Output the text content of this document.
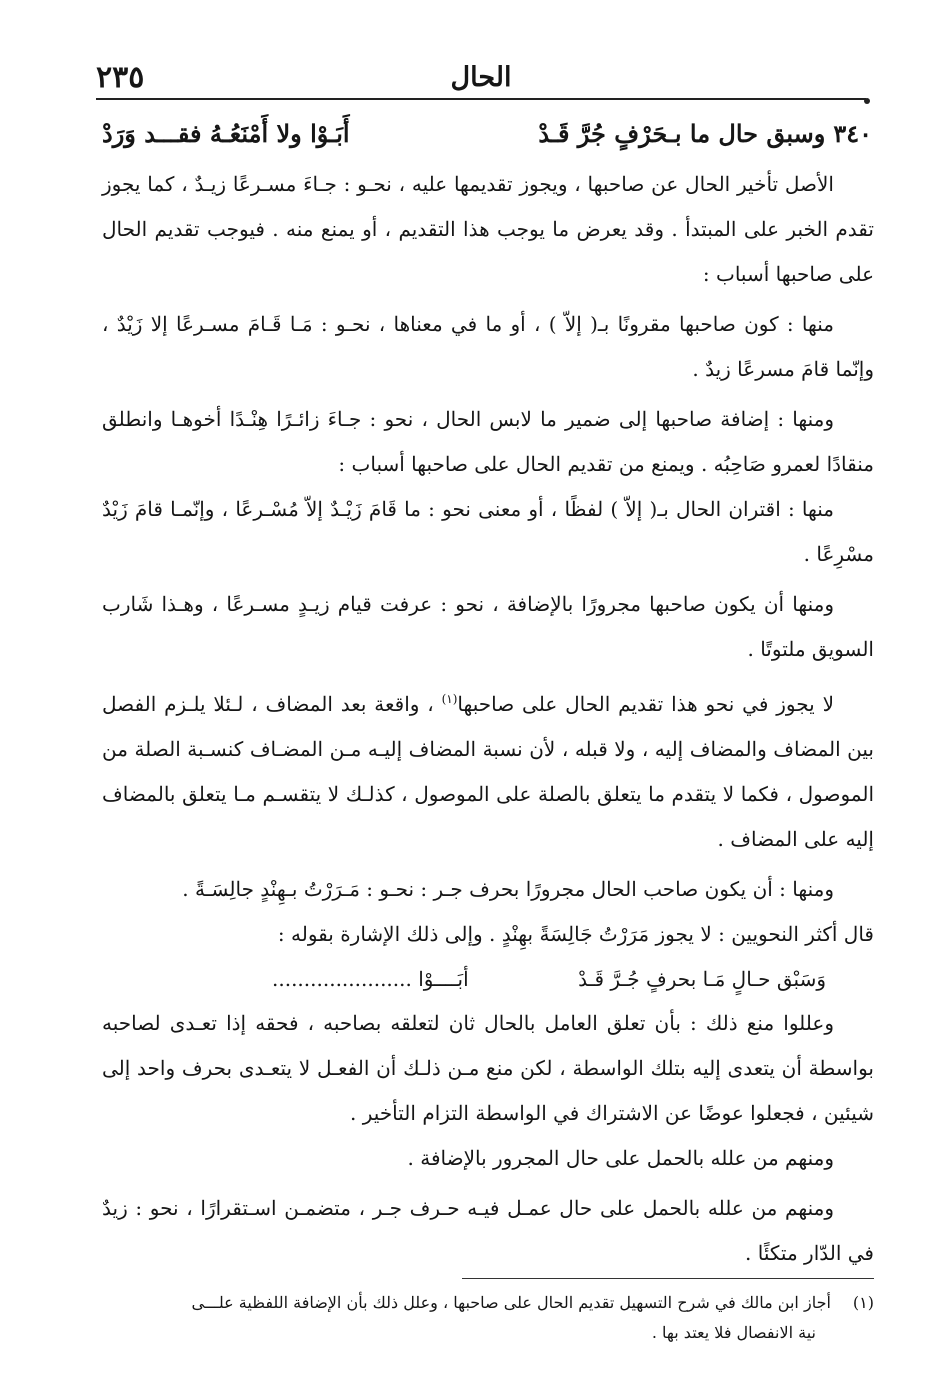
الحال
٢٣٥
٣٤٠وسبق حال ما بـحَرْفٍ جُرَّ قَـدْ
أَبَـوْا ولا أَمْنَعُـهُ فقـــد وَرَدْ

الأصل تأخير الحال عن صاحبها ، ويجوز تقديمها عليه ، نحـو : جـاءَ مسـرعًا زيـدٌ ، كما يجوز تقدم الخبر على المبتدأ . وقد يعرض ما يوجب هذا التقديم ، أو يمنع منه . فيوجب تقديم الحال على صاحبها أسباب :

منها : كون صاحبها مقرونًا بـ( إلاّ ) ، أو ما في معناها ، نحـو : مَـا قَـامَ مسـرعًا إلا زَيْدٌ ، وإنّما قامَ مسرعًا زيدٌ .

ومنها : إضافة صاحبها إلى ضمير ما لابس الحال ، نحو : جـاءَ زائـرًا هِنْـدًا أخوهـا وانطلق منقادًا لعمرو صَاحِبُه . ويمنع من تقديم الحال على صاحبها أسباب :

منها : اقتران الحال بـ( إلاّ ) لفظًا ، أو معنى نحو : ما قَامَ زَيْـدٌ إلاّ مُسْـرعًا ، وإنّمـا قامَ زَيْدٌ مسْرِعًا .

ومنها أن يكون صاحبها مجرورًا بالإضافة ، نحو : عرفت قيام زيـدٍ مسـرعًا ، وهـذا شَارب السويق ملتوتًا .

لا يجوز في نحو هذا تقديم الحال على صاحبها$^{(١)}$ ، واقعة بعد المضاف ، لـئلا يلـزم الفصل بين المضاف والمضاف إليه ، ولا قبله ، لأن نسبة المضاف إليـه مـن المضـاف كنسـبة الصلة من الموصول ، فكما لا يتقدم ما يتعلق بالصلة على الموصول ، كذلـك لا يتقسـم مـا يتعلق بالمضاف إليه على المضاف .

ومنها : أن يكون صاحب الحال مجرورًا بحرف جـر : نحـو : مَـرَرْتُ بـهِنْدٍ جالِسَـةً .

قال أكثر النحويين : لا يجوز مَرَرْتُ جَالِسَةً بهِنْدٍ . وإلى ذلك الإشارة بقوله :

وَسَبْق حـالٍ مَـا بحرفٍ جُـرَّ قَـدْ
أبَــــوْا ......................

وعللوا منع ذلك : بأن تعلق العامل بالحال ثان لتعلقه بصاحبه ، فحقه إذا تعـدى لصاحبه بواسطة أن يتعدى إليه بتلك الواسطة ، لكن منع مـن ذلـك أن الفعـل لا يتعـدى بحرف واحد إلى شيئين ، فجعلوا عوضًا عن الاشتراك في الواسطة التزام التأخير .

ومنهم من علله بالحمل على حال المجرور بالإضافة .

ومنهم من علله بالحمل على حال عمـل فيـه حـرف جـر ، متضمـن اسـتقرارًا ، نحو : زيدٌ في الدّار متكئًا .

(١)أجاز ابن مالك في شرح التسهيل تقديم الحال على صاحبها ، وعلل ذلك بأن الإضافة اللفظية علـــى
نية الانفصال فلا يعتد بها .
